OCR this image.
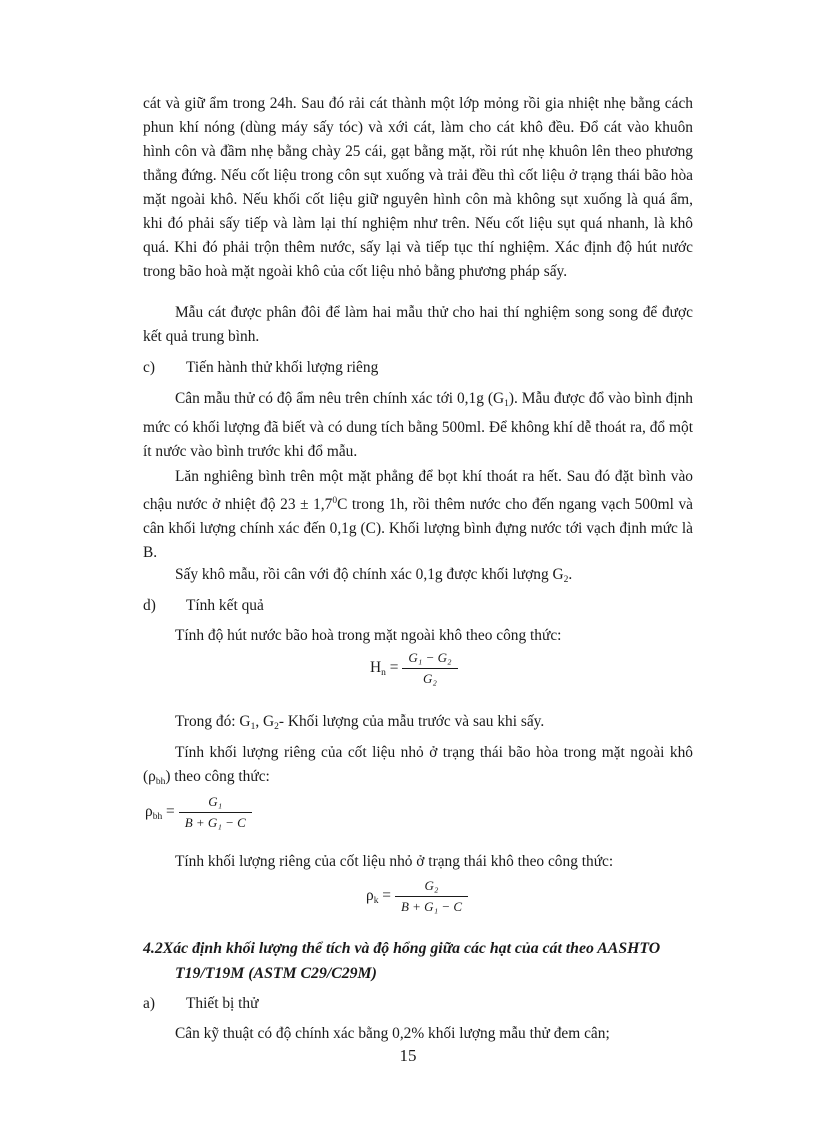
cát và giữ ẩm trong 24h. Sau đó rải cát thành một lớp mỏng rồi gia nhiệt nhẹ bằng cách phun khí nóng (dùng máy sấy tóc) và xới cát, làm cho cát khô đều. Đổ cát vào khuôn hình côn và đầm nhẹ bằng chày 25 cái, gạt bằng mặt, rồi rút nhẹ khuôn lên theo phương thẳng đứng. Nếu cốt liệu trong côn sụt xuống và trải đều thì cốt liệu ở trạng thái bão hòa mặt ngoài khô. Nếu khối cốt liệu giữ nguyên hình côn mà không sụt xuống là quá ẩm, khi đó phải sấy tiếp và làm lại thí nghiệm như trên. Nếu cốt liệu sụt quá nhanh, là khô quá. Khi đó phải trộn thêm nước, sấy lại và tiếp tục thí nghiệm. Xác định độ hút nước trong bão hoà mặt ngoài khô của cốt liệu nhỏ bằng phương pháp sấy.
Mẫu cát được phân đôi để làm hai mẫu thử cho hai thí nghiệm song song để được kết quả trung bình.
c) Tiến hành thử khối lượng riêng
Cân mẫu thử có độ ẩm nêu trên chính xác tới 0,1g $(G_1)$. Mẫu được đổ vào bình định mức có khối lượng đã biết và có dung tích bằng 500ml. Để không khí dễ thoát ra, đổ một ít nước vào bình trước khi đổ mẫu.
Lăn nghiêng bình trên một mặt phẳng để bọt khí thoát ra hết. Sau đó đặt bình vào chậu nước ở nhiệt độ $23 \pm 1,7^0C$ trong 1h, rồi thêm nước cho đến ngang vạch 500ml và cân khối lượng chính xác đến 0,1g (C). Khối lượng bình đựng nước tới vạch định mức là B.
Sấy khô mẫu, rồi cân với độ chính xác 0,1g được khối lượng $G_2$.
d) Tính kết quả
Tính độ hút nước bão hoà trong mặt ngoài khô theo công thức:
$H_n = \frac{\text{G₁ − G₂}}{\text{G₂}}$
Trong đó: $G_1$, $G_2-$ Khối lượng của mẫu trước và sau khi sấy.
Tính khối lượng riêng của cốt liệu nhỏ ở trạng thái bão hòa trong mặt ngoài khô $(\rho_{bh})$ theo công thức:
$\rho_{bh} = \frac{\text{G₁}}{\text{B + G₁ − C}}$
Tính khối lượng riêng của cốt liệu nhỏ ở trạng thái khô theo công thức:
$\rho_k = \frac{\text{G₂}}{\text{B + G₁ − C}}$
4.2Xác định khối lượng thể tích và độ hổng giữa các hạt của cát theo AASHTO
T19/T19M (ASTM C29/C29M)
a) Thiết bị thử
Cân kỹ thuật có độ chính xác bằng 0,2% khối lượng mẫu thử đem cân;
15
